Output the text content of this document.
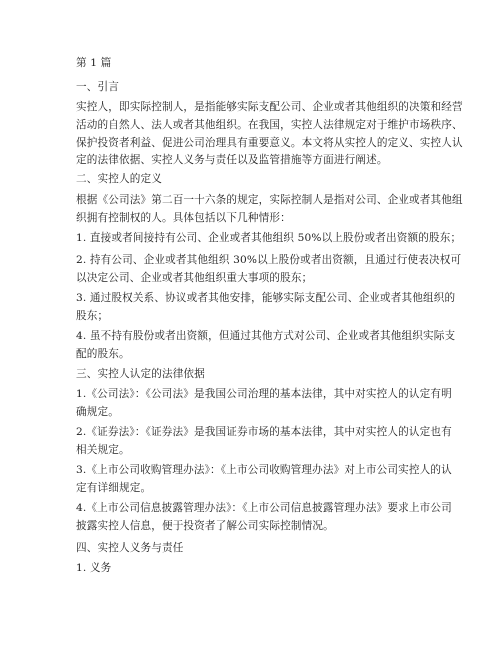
第 1 篇
一、引言
实控人，即实际控制人，是指能够实际支配公司、企业或者其他组织的决策和经营
活动的自然人、法人或者其他组织。在我国，实控人法律规定对于维护市场秩序、
保护投资者利益、促进公司治理具有重要意义。本文将从实控人的定义、实控人认
定的法律依据、实控人义务与责任以及监管措施等方面进行阐述。
二、实控人的定义
根据《公司法》第二百一十六条的规定，实际控制人是指对公司、企业或者其他组
织拥有控制权的人。具体包括以下几种情形：
1. 直接或者间接持有公司、企业或者其他组织 50%以上股份或者出资额的股东；
2. 持有公司、企业或者其他组织 30%以上股份或者出资额，且通过行使表决权可
以决定公司、企业或者其他组织重大事项的股东；
3. 通过股权关系、协议或者其他安排，能够实际支配公司、企业或者其他组织的
股东；
4. 虽不持有股份或者出资额，但通过其他方式对公司、企业或者其他组织实际支
配的股东。
三、实控人认定的法律依据
1.《公司法》：《公司法》是我国公司治理的基本法律，其中对实控人的认定有明
确规定。
2.《证券法》：《证券法》是我国证券市场的基本法律，其中对实控人的认定也有
相关规定。
3.《上市公司收购管理办法》：《上市公司收购管理办法》对上市公司实控人的认
定有详细规定。
4.《上市公司信息披露管理办法》：《上市公司信息披露管理办法》要求上市公司
披露实控人信息，便于投资者了解公司实际控制情况。
四、实控人义务与责任
1. 义务
